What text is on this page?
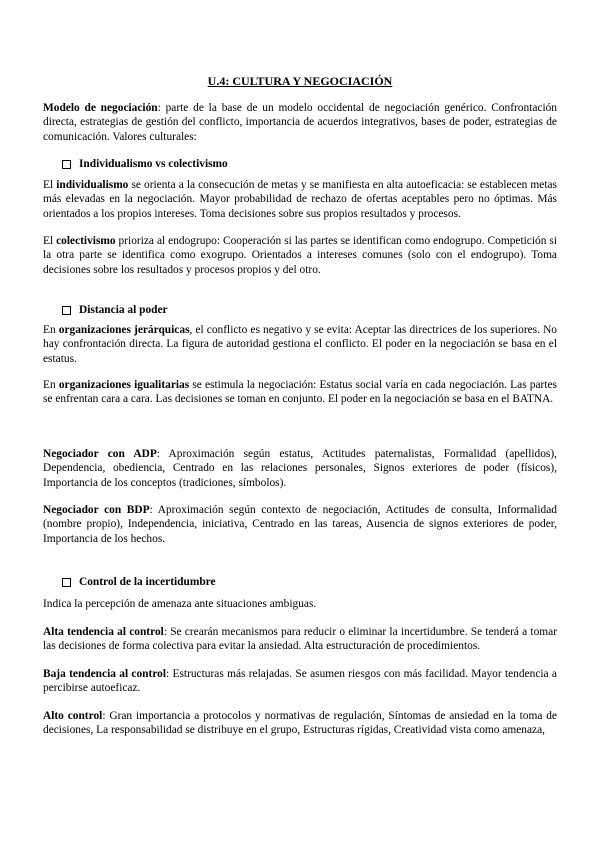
U.4: CULTURA Y NEGOCIACIÓN

Modelo de negociación: parte de la base de un modelo occidental de negociación genérico. Confrontación directa, estrategias de gestión del conflicto, importancia de acuerdos integrativos, bases de poder, estrategias de comunicación. Valores culturales:

Individualismo vs colectivismo

El individualismo se orienta a la consecución de metas y se manifiesta en alta autoeficacia: se establecen metas más elevadas en la negociación. Mayor probabilidad de rechazo de ofertas aceptables pero no óptimas. Más orientados a los propios intereses. Toma decisiones sobre sus propios resultados y procesos.

El colectivismo prioriza al endogrupo: Cooperación si las partes se identifican como endogrupo. Competición si la otra parte se identifica como exogrupo. Orientados a intereses comunes (solo con el endogrupo). Toma decisiones sobre los resultados y procesos propios y del otro.

Distancia al poder

En organizaciones jerárquicas, el conflicto es negativo y se evita: Aceptar las directrices de los superiores. No hay confrontación directa. La figura de autoridad gestiona el conflicto. El poder en la negociación se basa en el estatus.

En organizaciones igualitarias se estimula la negociación: Estatus social varía en cada negociación. Las partes se enfrentan cara a cara. Las decisiones se toman en conjunto. El poder en la negociación se basa en el BATNA.

Negociador con ADP: Aproximación según estatus, Actitudes paternalistas, Formalidad (apellidos), Dependencia, obediencia, Centrado en las relaciones personales, Signos exteriores de poder (físicos), Importancia de los conceptos (tradiciones, símbolos).

Negociador con BDP: Aproximación según contexto de negociación, Actitudes de consulta, Informalidad (nombre propio), Independencia, iniciativa, Centrado en las tareas, Ausencia de signos exteriores de poder, Importancia de los hechos.

Control de la incertidumbre

Indica la percepción de amenaza ante situaciones ambiguas.

Alta tendencia al control: Se crearán mecanismos para reducir o eliminar la incertidumbre. Se tenderá a tomar las decisiones de forma colectiva para evitar la ansiedad. Alta estructuración de procedimientos.

Baja tendencia al control: Estructuras más relajadas. Se asumen riesgos con más facilidad. Mayor tendencia a percibirse autoeficaz.

Alto control: Gran importancia a protocolos y normativas de regulación, Síntomas de ansiedad en la toma de decisiones, La responsabilidad se distribuye en el grupo, Estructuras rígidas, Creatividad vista como amenaza,
